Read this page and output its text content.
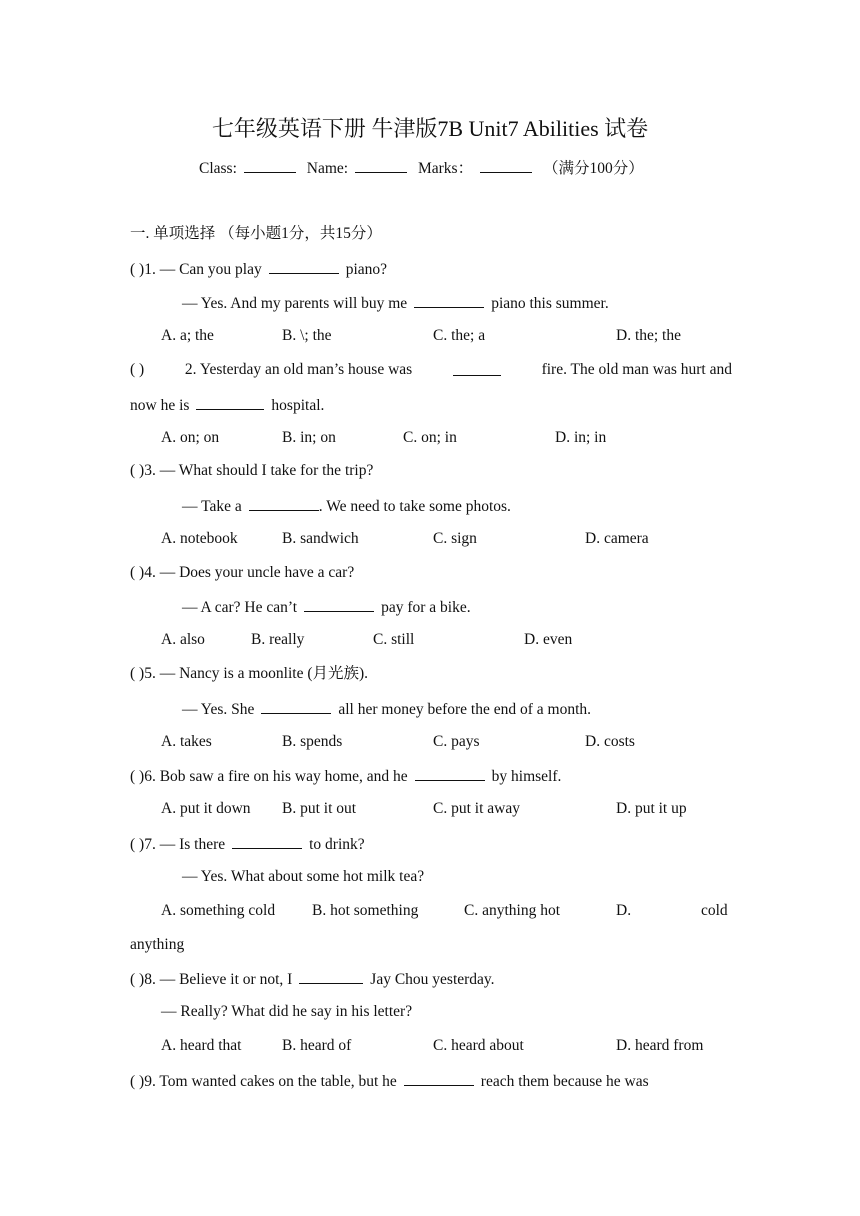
七年级英语下册 牛津版7B Unit7 Abilities 试卷
Class:	Name:	Marks：	（满分100分）
一. 单项选择 （每小题1分，共15分）
( )1. — Can you play	piano?
— Yes. And my parents will buy me	piano this summer.
A. a; the	B. \; the	C. the; a	D. the; the
( )	2. Yesterday an old man’s house was	fire. The old man was hurt and
now he is	hospital.
A. on; on	B. in; on	C. on; in	D. in; in
( )3. — What should I take for the trip?
— Take a	. We need to take some photos.
A. notebook	B. sandwich	C. sign	D. camera
( )4. — Does your uncle have a car?
— A car? He can’t	pay for a bike.
A. also	B. really	C. still	D. even
( )5. — Nancy is a moonlite (月光族).
— Yes. She	all her money before the end of a month.
A. takes	B. spends	C. pays	D. costs
( )6. Bob saw a fire on his way home, and he	by himself.
A. put it down B. put it out	C. put it away	D. put it up
( )7. — Is there	to drink?
— Yes. What about some hot milk tea?
A. something cold B. hot something	C. anything hot	D.	cold
anything
( )8. — Believe it or not, I	Jay Chou yesterday.
— Really? What did he say in his letter?
A. heard that	B. heard of	C. heard about	D. heard from
( )9. Tom wanted cakes on the table, but he	reach them because he was
